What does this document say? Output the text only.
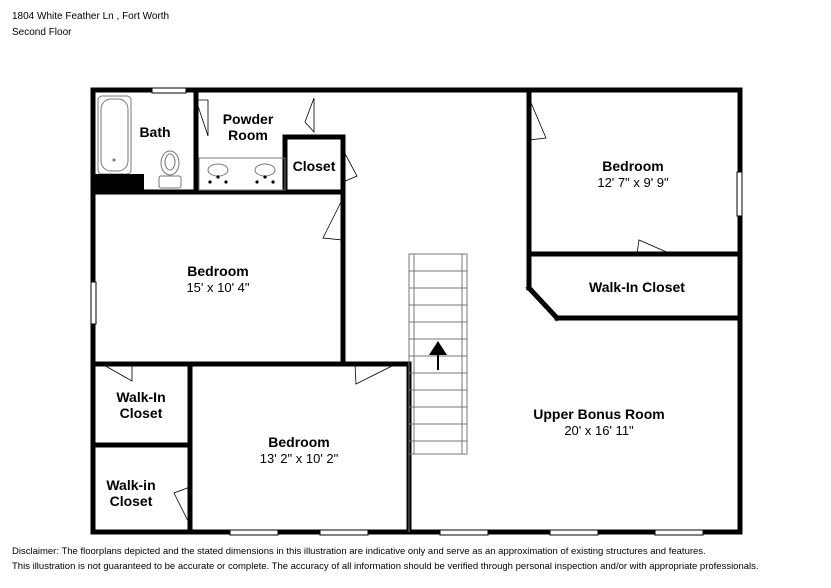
1804 White Feather Ln , Fort Worth
Second Floor
Bath
Powder
Room
Closet	Bedroom
12' 7" x 9' 9"
Walk-In Closet
Bedroom
15' x 10' 4"
Walk-In
Closet
Walk-in
Closet
Bedroom
13' 2" x 10' 2"
Upper Bonus Room
20' x 16' 11"
Disclaimer: The floorplans depicted and the stated dimensions in this illustration are indicative only and serve as an approximation of existing structures and features.
This illustration is not guaranteed to be accurate or complete. The accuracy of all information should be verified through personal inspection and/or with appropriate professionals.
